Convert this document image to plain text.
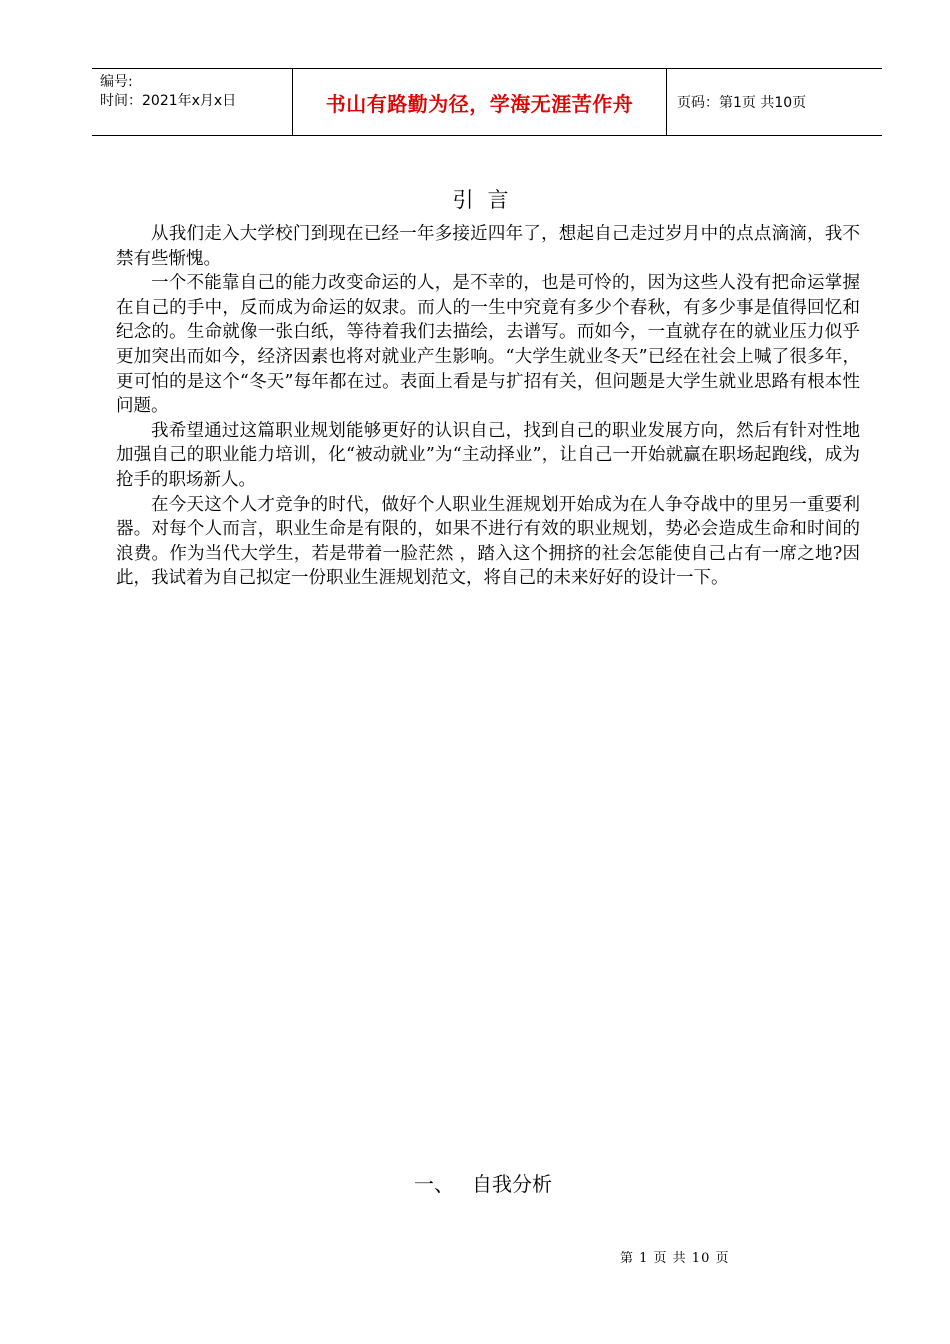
编号:
时间：2021年x月x日	书山有路勤为径，学海无涯苦作舟	页码：第1页 共10页
引言

从我们走入大学校门到现在已经一年多接近四年了，想起自己走过岁月中的点点滴滴，我不禁有些惭愧。

一个不能靠自己的能力改变命运的人，是不幸的，也是可怜的，因为这些人没有把命运掌握在自己的手中，反而成为命运的奴隶。而人的一生中究竟有多少个春秋，有多少事是值得回忆和纪念的。生命就像一张白纸，等待着我们去描绘，去谱写。而如今，一直就存在的就业压力似乎更加突出而如今，经济因素也将对就业产生影响。“大学生就业冬天”已经在社会上喊了很多年，更可怕的是这个“冬天”每年都在过。表面上看是与扩招有关，但问题是大学生就业思路有根本性问题。

我希望通过这篇职业规划能够更好的认识自己，找到自己的职业发展方向，然后有针对性地加强自己的职业能力培训，化“被动就业”为“主动择业”，让自己一开始就赢在职场起跑线，成为抢手的职场新人。

在今天这个人才竞争的时代，做好个人职业生涯规划开始成为在人争夺战中的里另一重要利器。对每个人而言，职业生命是有限的，如果不进行有效的职业规划，势必会造成生命和时间的浪费。作为当代大学生，若是带着一脸茫然 ，踏入这个拥挤的社会怎能使自己占有一席之地?因此，我试着为自己拟定一份职业生涯规划范文，将自己的未来好好的设计一下。

一、 自我分析
第 1 页 共 10 页
